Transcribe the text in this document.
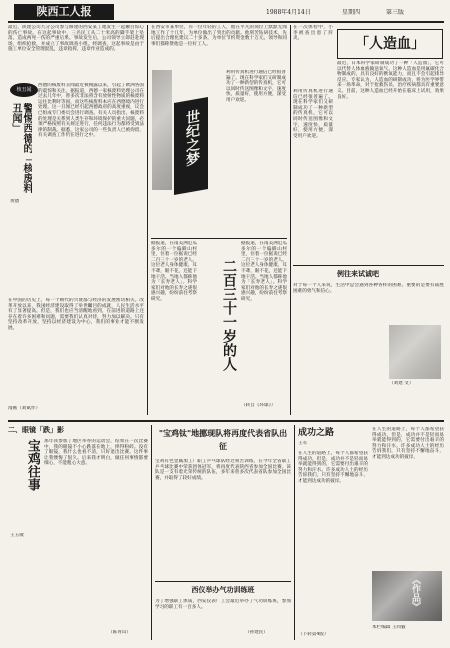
陕西工人报	1988年4月14日	星期四	第三版
最近，陕建公司九分公司参与修建的西安某工地发生一起触目惊心的伤亡事故。在这起事故中，三名民工从二十米高的脚手架上坠落，造成两死一伤的严重后果。事故发生后，公司领导立即赶赴现场，组织抢救，并成立了事故调查小组。经调查，这起事故是由于施工单位安全管理混乱，违章指挥，违章作业造成的。
核丑闻
警惕西德的「核废料丑闻」
西德的核废料丑闻最近被揭露以来，引起了欧洲各国的震惊和关注。据报道，西德一家核废料处理公司在过去几年中，曾多次非法将含有放射性物质的核废料运往比利时等国，而这些核废料本应在西德境内进行处理。这一丑闻已经引起西德政府的高度重视，议会已组成专门委员会进行调查。有关人员指出，核废料的处理是关系到人类生存和环境保护的重大问题，必须严格按照有关规定进行，任何违法行为都将受到法律的制裁。据悉，这家公司的一些负责人已被拘留，有关调查工作仍在进行之中。
黄德
在中国的历史上，每一个朝代的兴衰都与经济的发展密切相关。改革开放以来，我国经济建设取得了举世瞩目的成就，人民生活水平有了显著提高。但是，我们也应当清醒地看到，在前进的道路上还存在着许多困难和问题，需要我们认真对待，努力加以解决。只有坚持改革开放，坚持以经济建设为中心，我们的事业才能不断发展。
在西安市某单位，有一位年轻的工人，他在平凡的岗位上默默无闻地工作了十几年，为单位做出了突出的贡献。他刻苦钻研技术，先后提出合理化建议二十多条，为单位节约资金数十万元。领导和同事们都称赞他是一位好工人。
世纪之梦
利用传真机进行通信已经很普遍了。现在科学家们又研制成功了一种新型的传真机，它可以同时传送图像和文字，速度快，质量好，使用方便，深受用户欢迎。
据报道，在南美洲厄瓜多尔的一个偏僻山村里，住着一位据说已经二百三十一岁的老人。这位老人身体健康，耳不聋，眼不花，还能下地干活。当地人都称他为「长寿老人」。科学家们对他的长寿之谜很感兴趣，纷纷前往考察研究。	二百三十一岁的人
据报道，在南美洲厄瓜多尔的一个偏僻山村里，住着一位据说已经二百三十一岁的老人。这位老人身体健康，耳不聋，眼不花，还能下地干活。当地人都称他为「长寿老人」。科学家们对他的长寿之谜很感兴趣，纷纷前往考察研究。
（转自《环球》）
在一次体检中，小李被查出患了肝炎。	「人造血」
最近，日本科学家研制成功了一种「人造血」，它可以代替人体血液输送氧气。这种人造血是用氟碳化合物制成的，具有良好的携氧能力，而且不会引起排异反应。专家认为，人造血的研制成功，将为医学界带来一场革命，对于抢救伤员、治疗疾病都具有重要意义。目前，这种人造血已经开始在临床上试用，效果良好。
利用传真机进行通信已经很普遍了。现在科学家们又研制成功了一种新型的传真机，它可以同时传送图像和文字，速度快，质量好，使用方便，深受用户欢迎。
例往来试诚吧
对于每一个人来说，生活中总会遇到各种各样的困难。重要的是要有战胜困难的勇气和信心。
（刘建 文）
漫画（刘斌作）
二、眼镜「跌」影
宝鸡往事
王玉敬
那年我参加了地区举办的运动会，结果在一次比赛中，我的眼镜不小心跌落在地上，摔得粉碎。没有了眼镜，我什么也看不清，只好退出比赛。这件事让我懊悔了很久。后来我才明白，做任何事情都要细心，不能粗心大意。
（陈青山）
"宝鸡钛"地挪现队将再度代表省队出征
宝鸡有色金属加工厂职工乒乓球队经过刻苦训练，在今年全省职工乒乓球比赛中荣获团体冠军，将再度代表陕西省参加全国比赛。该队是一支有着光荣传统的队伍，多年来曾多次代表省队参加全国比赛，并取得了较好成绩。
西仪举办气功训练班
为了增强职工体质，西安仪表厂工会最近举办了气功训练班，参加学习的职工有一百多人。
（孙建民）
成功之路
王军
在人生的道路上，每个人都希望获得成功。但是，成功并不是轻而易举就能得到的，它需要付出艰辛的努力和汗水。许多成功人士的经历告诉我们，只有坚持不懈地奋斗，才能到达成功的彼岸。
在人生的道路上，每个人都希望获得成功。但是，成功并不是轻而易举就能得到的，它需要付出艰辛的努力和汗水。许多成功人士的经历告诉我们，只有坚持不懈地奋斗，才能到达成功的彼岸。
《作品》
本栏编辑 王同毅
（下转第4版）
